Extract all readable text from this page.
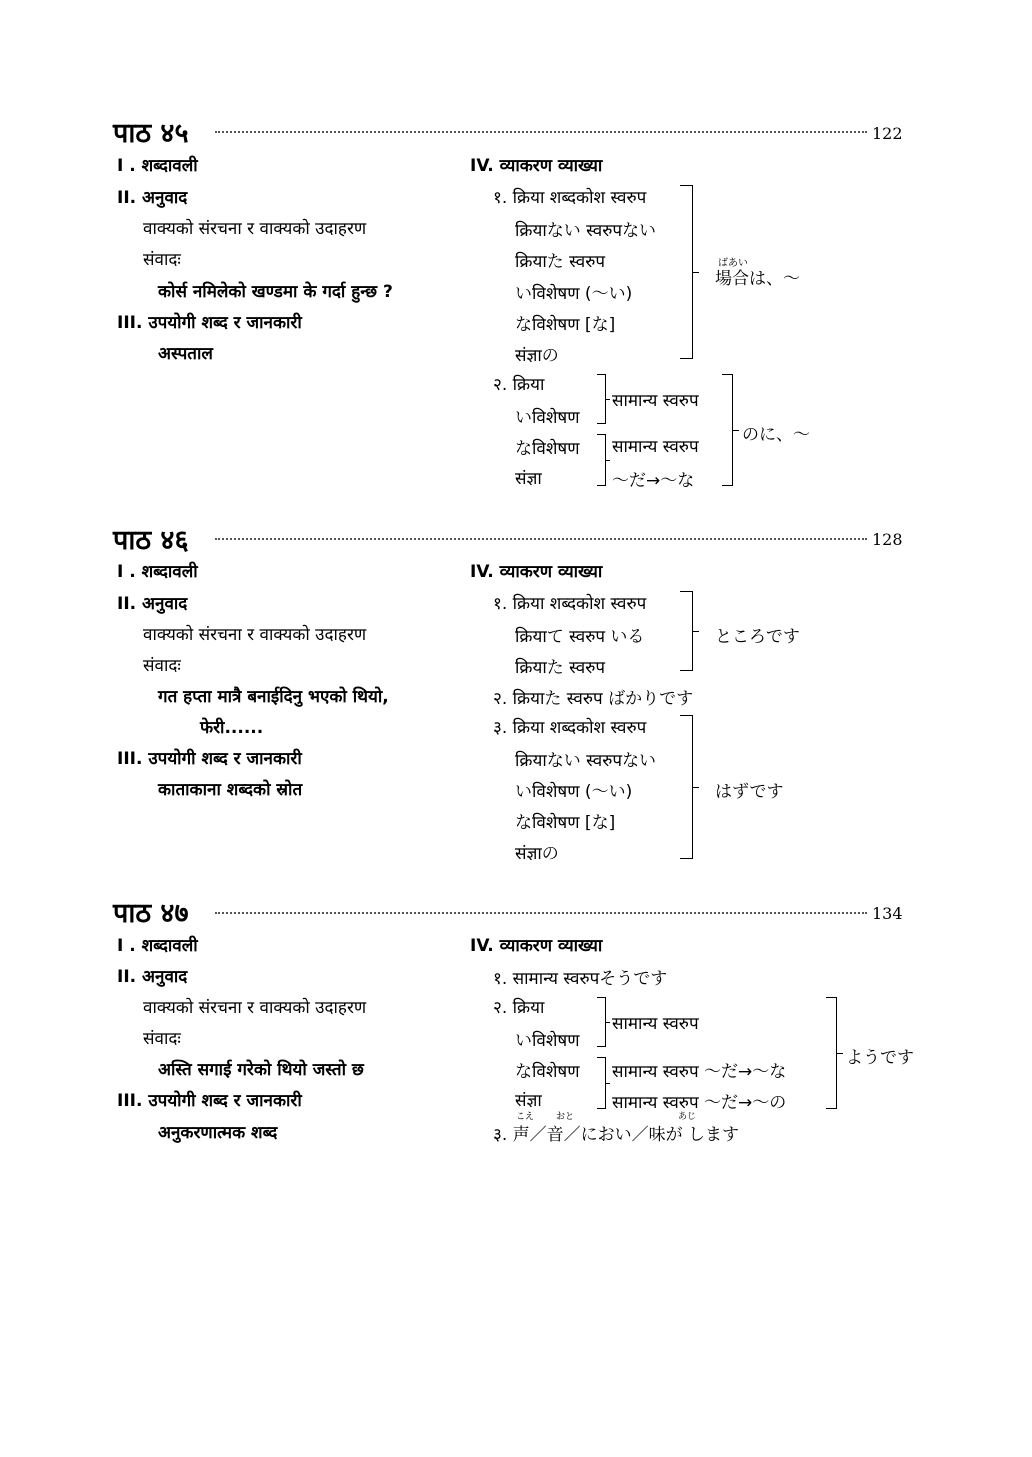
पाठ ४५	122
I . शब्दावली
II. अनुवाद
वाक्यको संरचना र वाक्यको उदाहरण
संवादः
कोर्स नमिलेको खण्डमा के गर्दा हुन्छ ?
III. उपयोगी शब्द र जानकारी
अस्पताल
IV. व्याकरण व्याख्या
१. क्रिया शब्दकोश स्वरुप
क्रियाない स्वरुपない
क्रियाた स्वरुप
いविशेषण (～い)
なविशेषण [な]
संज्ञाの
ばあい
場合は、～
२. क्रिया
いविशेषण
なविशेषण
संज्ञा
सामान्य स्वरुप
सामान्य स्वरुप
～だ→～な
のに、～
पाठ ४६	128
I . शब्दावली
II. अनुवाद
वाक्यको संरचना र वाक्यको उदाहरण
संवादः
गत हप्ता मात्रै बनाईदिनु भएको थियो,
फेरी......
III. उपयोगी शब्द र जानकारी
काताकाना शब्दको स्रोत
IV. व्याकरण व्याख्या
१. क्रिया शब्दकोश स्वरुप
क्रियाて स्वरुप いる
क्रियाた स्वरुप
ところです
२. क्रियाた स्वरुप ばかりです
३. क्रिया शब्दकोश स्वरुप
क्रियाない स्वरुपない
いविशेषण (～い)
なविशेषण [な]
संज्ञाの
はずです
पाठ ४७	134
I . शब्दावली
II. अनुवाद
वाक्यको संरचना र वाक्यको उदाहरण
संवादः
अस्ति सगाई गरेको थियो जस्तो छ
III. उपयोगी शब्द र जानकारी
अनुकरणात्मक शब्द
IV. व्याकरण व्याख्या
१. सामान्य स्वरुपそうです
२. क्रिया
いविशेषण
なविशेषण
संज्ञा
सामान्य स्वरुप
सामान्य स्वरुप ～だ→～な
सामान्य स्वरुप ～だ→～の
ようです
こえ おと	あじ
३. 声／音／におい／味が します
